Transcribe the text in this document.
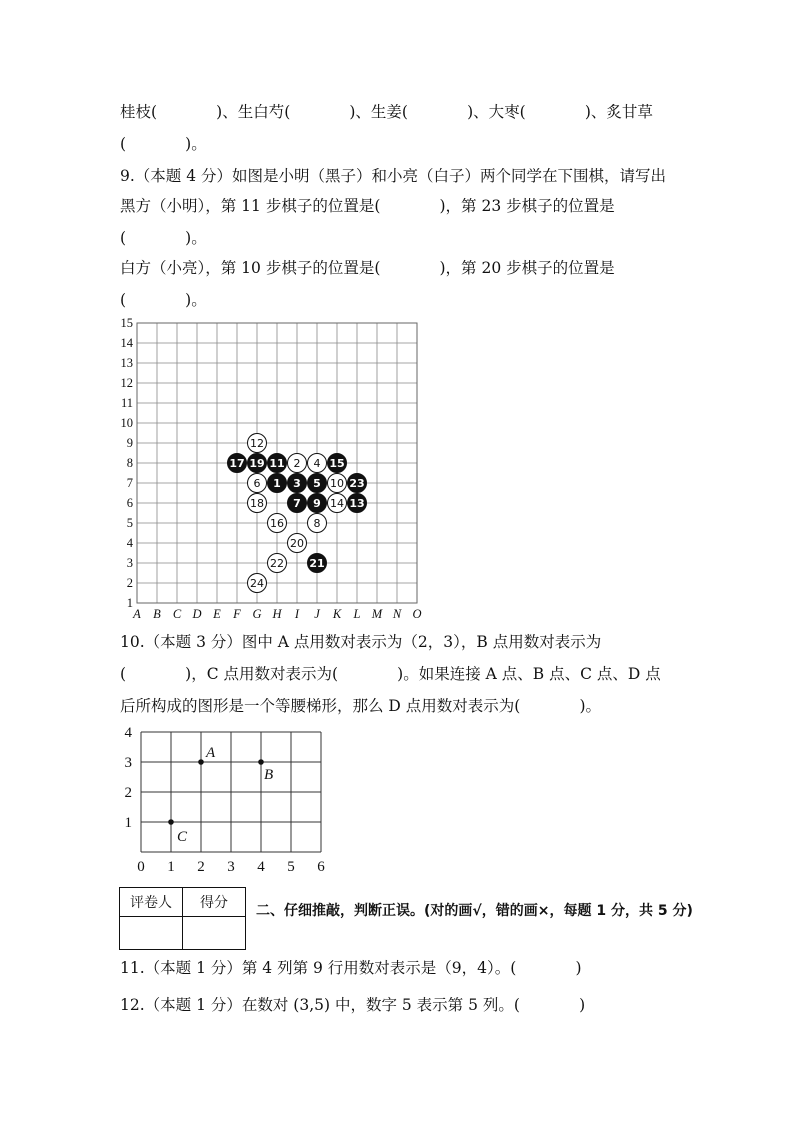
桂枝(            )、生白芍(            )、生姜(            )、大枣(            )、炙甘草
(            )。
9.（本题 4 分）如图是小明（黑子）和小亮（白子）两个同学在下围棋，请写出
黑方（小明），第 11 步棋子的位置是(            )，第 23 步棋子的位置是
(            )。
白方（小亮），第 10 步棋子的位置是(            )，第 20 步棋子的位置是
(            )。
A B C D E F G H I J K L M N O
1
2
3
4
5
6
7
8
9
10
11
12
13
14
15
1
2
3
4
5
6
7
8
9
10
11
12
13
14
15
16
17
18
19
20
21
22
23
24
10.（本题 3 分）图中 A 点用数对表示为（2，3），B 点用数对表示为
(            )，C 点用数对表示为(            )。如果连接 A 点、B 点、C 点、D 点
后所构成的图形是一个等腰梯形，那么 D 点用数对表示为(            )。
0 1 2 3 4 5 6
1
2
3
4
A
B
C
评卷人	得分
	二、仔细推敲，判断正误。(对的画√，错的画×，每题 1 分，共 5 分)
11.（本题 1 分）第 4 列第 9 行用数对表示是（9，4）。(            )
12.（本题 1 分）在数对 (3,5) 中，数字 5 表示第 5 列。(            )
